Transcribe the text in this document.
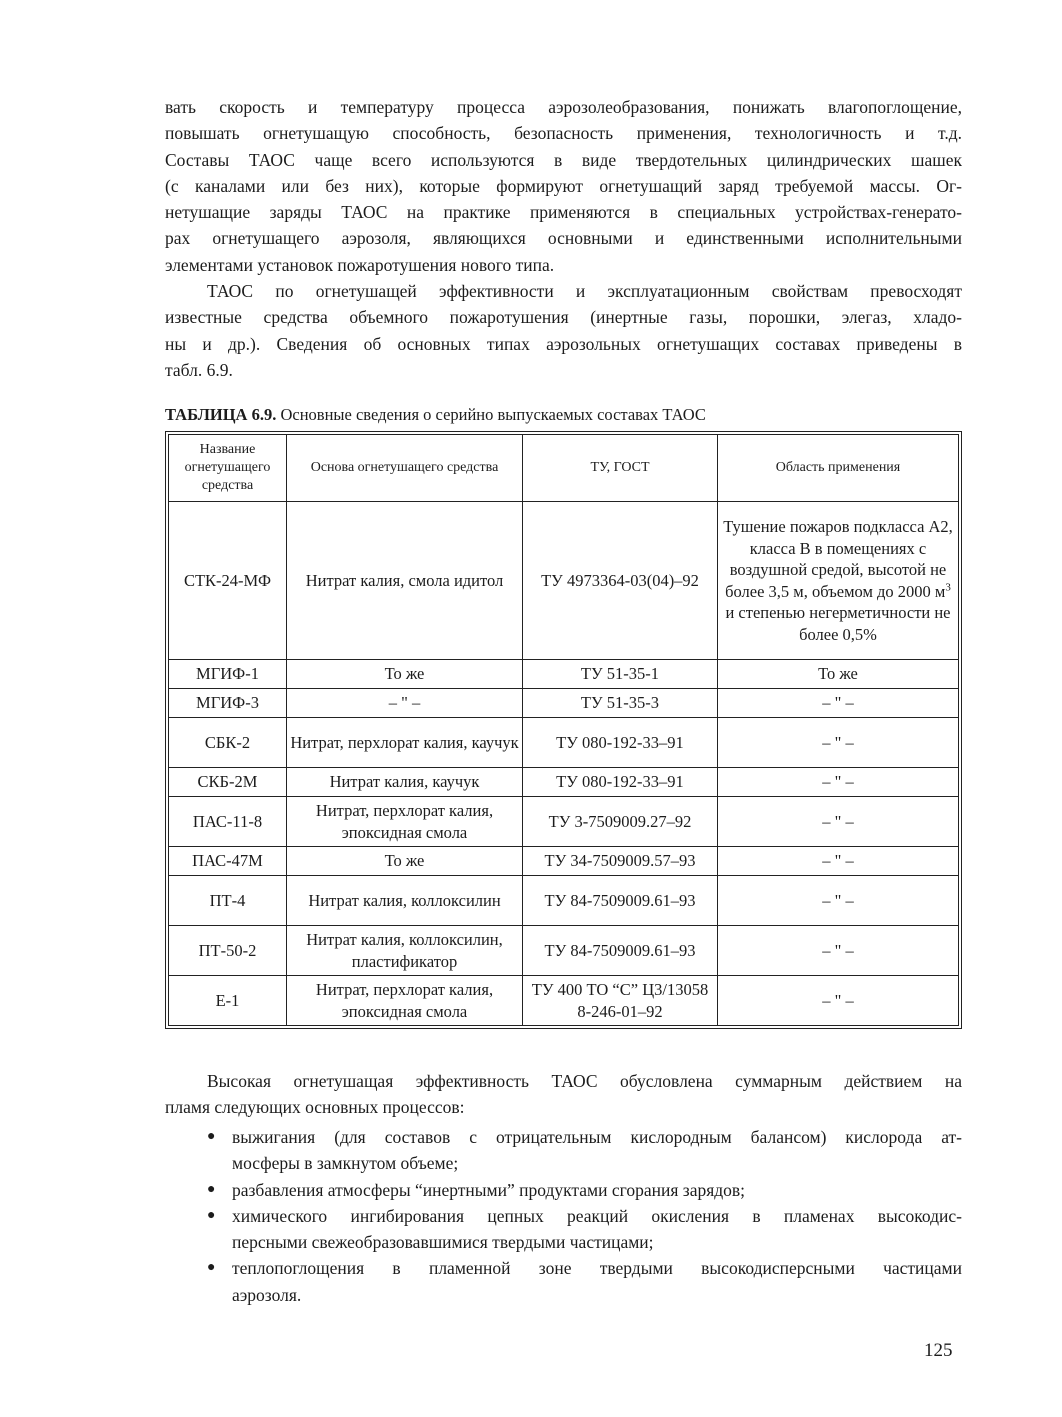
вать скорость и температуру процесса аэрозолеобразования, понижать влагопоглощение,
повышать огнетушащую способность, безопасность применения, технологичность и т.д.
Составы ТАОС чаще всего используются в виде твердотельных цилиндрических шашек
(с каналами или без них), которые формируют огнетушащий заряд требуемой массы. Ог-
нетушащие заряды ТАОС на практике применяются в специальных устройствах-генерато-
рах огнетушащего аэрозоля, являющихся основными и единственными исполнительными
элементами установок пожаротушения нового типа.
ТАОС по огнетушащей эффективности и эксплуатационным свойствам превосходят
известные средства объемного пожаротушения (инертные газы, порошки, элегаз, хладо-
ны и др.). Сведения об основных типах аэрозольных огнетушащих составах приведены в
табл. 6.9.
ТАБЛИЦА 6.9. Основные сведения о серийно выпускаемых составах ТАОС
Название огнетушащего средства	Основа огнетушащего средства	ТУ, ГОСТ	Область применения
СТК-24-МФ	Нитрат калия, смола идитол	ТУ 4973364-03(04)–92	Тушение пожаров подкласса А2, класса В в помещениях с воздушной средой, высотой не более 3,5 м, объемом до 2000 $м^3$ и степенью негерметичности не более 0,5%
МГИФ-1	То же	ТУ 51-35-1	То же
МГИФ-3	– " –	ТУ 51-35-3	– " –
СБК-2	Нитрат, перхлорат калия, каучук	ТУ 080-192-33–91	– " –
СКБ-2М	Нитрат калия, каучук	ТУ 080-192-33–91	– " –
ПАС-11-8	Нитрат, перхлорат калия, эпоксидная смола	ТУ 3-7509009.27–92	– " –
ПАС-47М	То же	ТУ 34-7509009.57–93	– " –
ПТ-4	Нитрат калия, коллоксилин	ТУ 84-7509009.61–93	– " –
ПТ-50-2	Нитрат калия, коллоксилин, пластификатор	ТУ 84-7509009.61–93	– " –
Е-1	Нитрат, перхлорат калия, эпоксидная смола	ТУ 400 ТО “С” Ц3/13058 8-246-01–92	– " –
Высокая огнетушащая эффективность ТАОС обусловлена суммарным действием на
пламя следующих основных процессов:
● выжигания (для составов с отрицательным кислородным балансом) кислорода ат-
мосферы в замкнутом объеме;
● разбавления атмосферы “инертными” продуктами сгорания зарядов;
● химического ингибирования цепных реакций окисления в пламенах высокодис-
персными свежеобразовавшимися твердыми частицами;
● теплопоглощения в пламенной зоне твердыми высокодисперсными частицами
аэрозоля.
125
